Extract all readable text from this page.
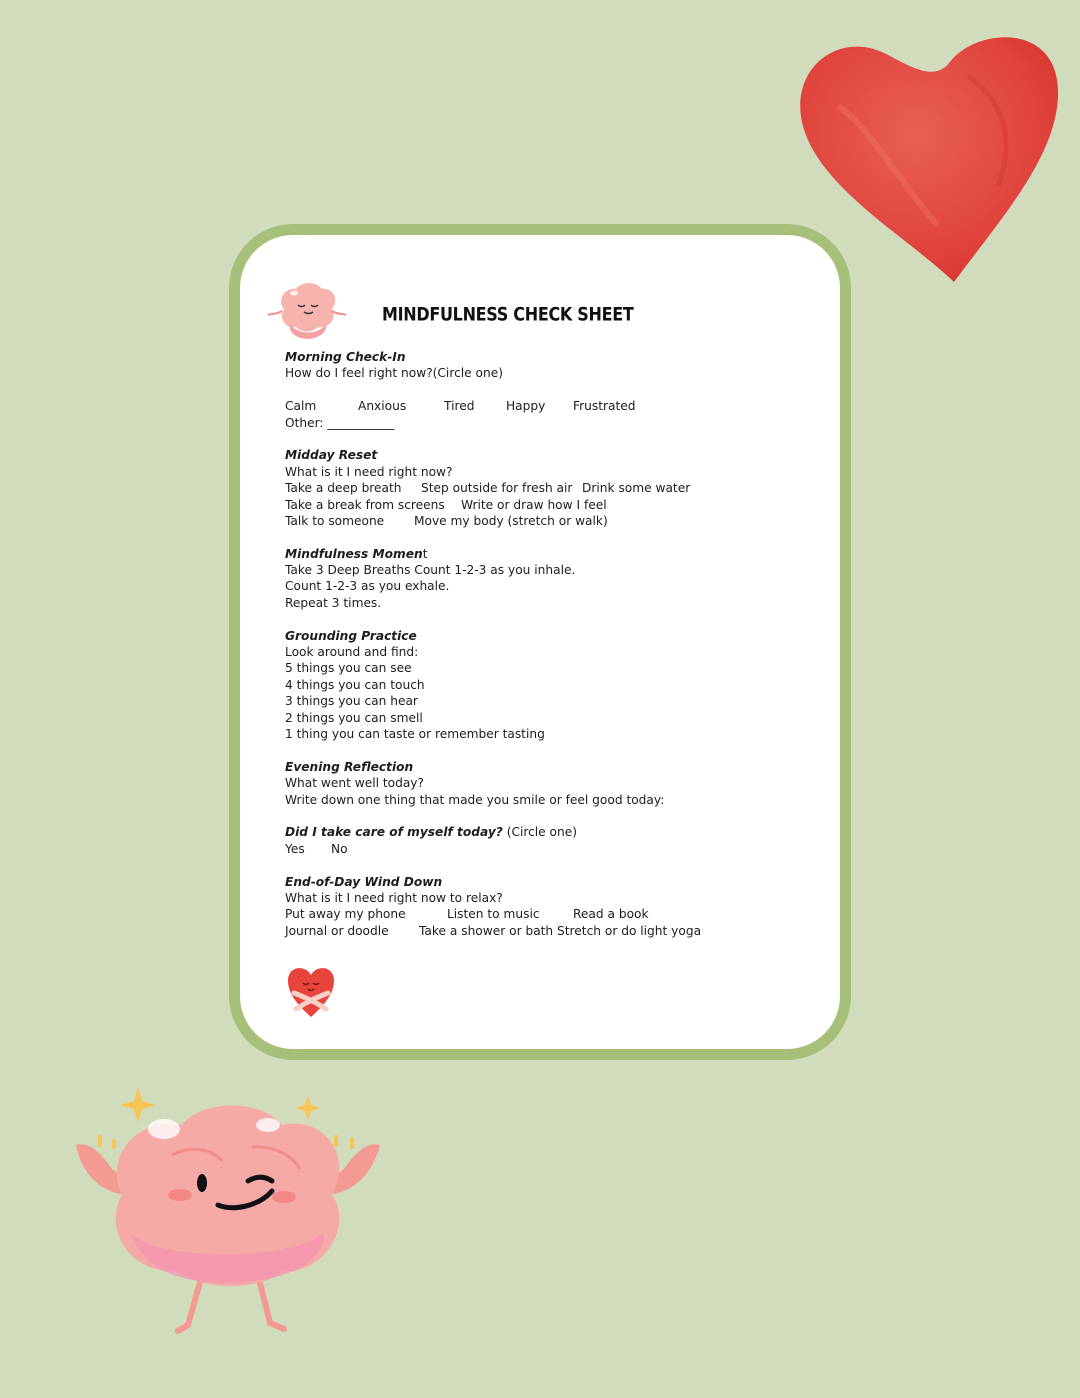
MINDFULNESS CHECK SHEET
Morning Check-In
How do I feel right now?(Circle one)
Calm	Anxious	Tired	Happy Frustrated
Other: ___________
Midday Reset
What is it I need right now?
Take a deep breath Step outside for fresh air Drink some water
Take a break from screens Write or draw how I feel
Talk to someone Move my body (stretch or walk)
Mindfulness Moment
Take 3 Deep Breaths Count 1-2-3 as you inhale.
Count 1-2-3 as you exhale.
Repeat 3 times.
Grounding Practice
Look around and find:
5 things you can see
4 things you can touch
3 things you can hear
2 things you can smell
1 thing you can taste or remember tasting
Evening Reflection
What went well today?
Write down one thing that made you smile or feel good today:
Did I take care of myself today? (Circle one)
Yes No
End-of-Day Wind Down
What is it I need right now to relax?
Put away my phone	Listen to music	Read a book
Journal or doodle Take a shower or bath Stretch or do light yoga
